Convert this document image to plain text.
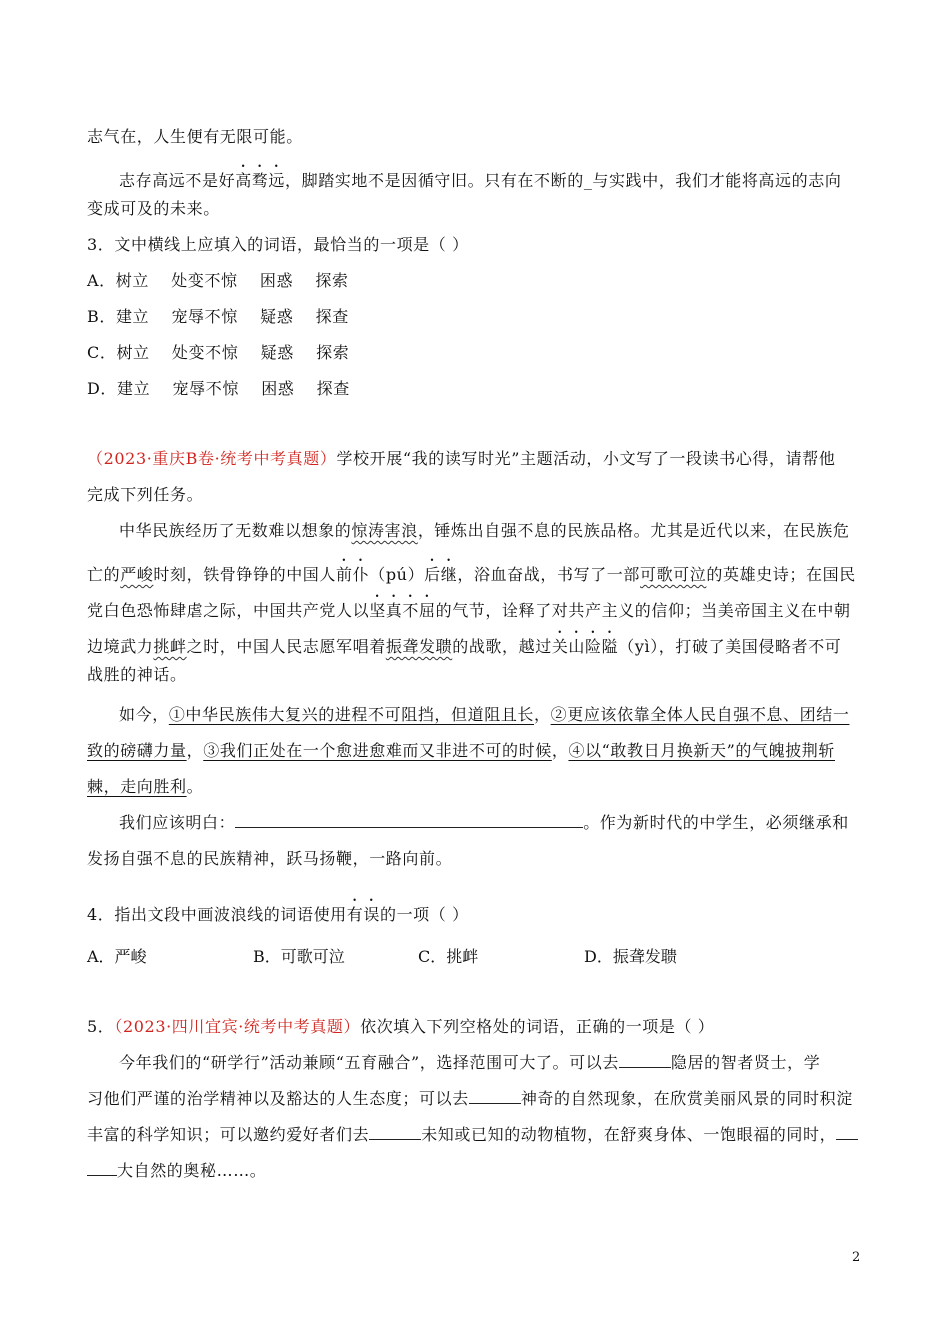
志气在，人生便有无限可能。
志存高远不是好高骛远，脚踏实地不是因循守旧。只有在不断的_与实践中，我们才能将高远的志向
变成可及的未来。
3．文中横线上应填入的词语，最恰当的一项是（ ）
A．树立　 处变不惊　 困惑　 探索
B．建立　 宠辱不惊　 疑惑　 探查
C．树立　 处变不惊　 疑惑　 探索
D．建立　 宠辱不惊　 困惑　 探查
（2023·重庆B卷·统考中考真题）学校开展“我的读写时光”主题活动，小文写了一段读书心得，请帮他
完成下列任务。
中华民族经历了无数难以想象的惊涛害浪，锤炼出自强不息的民族品格。尤其是近代以来，在民族危
亡的严峻时刻，铁骨铮铮的中国人前仆（pú）后继，浴血奋战，书写了一部可歌可泣的英雄史诗；在国民
党白色恐怖肆虐之际，中国共产党人以坚真不屈的气节，诠释了对共产主义的信仰；当美帝国主义在中朝
边境武力挑衅之时，中国人民志愿军唱着振聋发聩的战歌，越过关山险隘（yì），打破了美国侵略者不可
战胜的神话。
如今，①中华民族伟大复兴的进程不可阻挡，但道阻且长，②更应该依靠全体人民自强不息、团结一
致的磅礴力量，③我们正处在一个愈进愈难而又非进不可的时候，④以“敢教日月换新天”的气魄披荆斩
棘，走向胜利。
我们应该明白：	。作为新时代的中学生，必须继承和
发扬自强不息的民族精神，跃马扬鞭，一路向前。
4．指出文段中画波浪线的词语使用有误的一项（ ）
A．严峻	B．可歌可泣	C．挑衅	D．振聋发聩
5．（2023·四川宜宾·统考中考真题）依次填入下列空格处的词语，正确的一项是（ ）
今年我们的“研学行”活动兼顾“五育融合”，选择范围可大了。可以去	隐居的智者贤士，学
习他们严谨的治学精神以及豁达的人生态度；可以去	神奇的自然现象，在欣赏美丽风景的同时积淀
丰富的科学知识；可以邀约爱好者们去	未知或已知的动物植物，在舒爽身体、一饱眼福的同时，
大自然的奥秘……。
2
